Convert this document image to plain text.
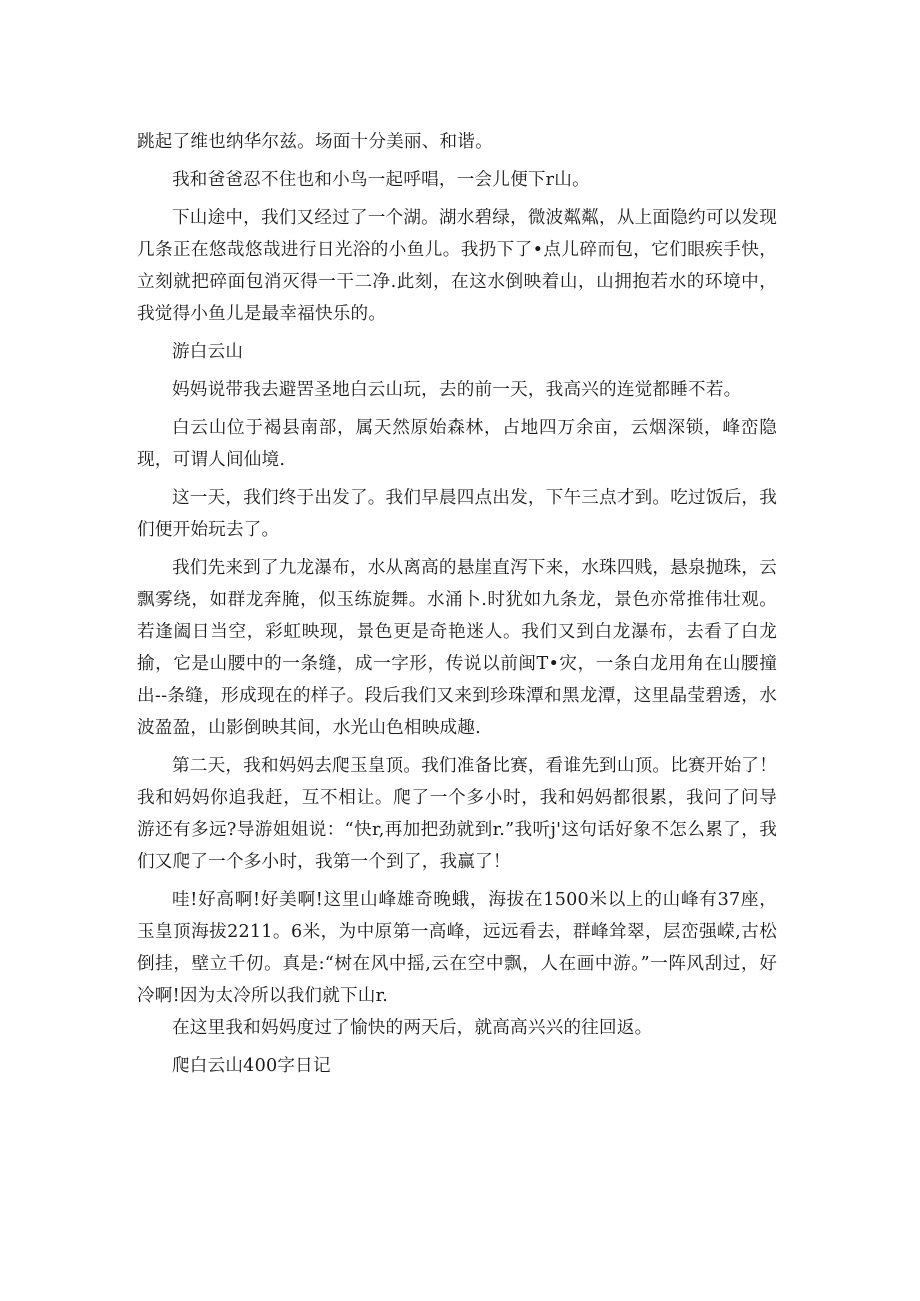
跳起了维也纳华尔兹。场面十分美丽、和谐。

我和爸爸忍不住也和小鸟一起呼唱，一会儿便下r山。

下山途中，我们又经过了一个湖。湖水碧绿，微波粼粼，从上面隐约可以发现几条正在悠哉悠哉进行日光浴的小鱼儿。我扔下了•点儿碎而包，它们眼疾手快，立刻就把碎面包消灭得一干二净.此刻，在这水倒映着山，山拥抱若水的环境中，我觉得小鱼儿是最幸福快乐的。

游白云山

妈妈说带我去避罟圣地白云山玩，去的前一天，我高兴的连觉都睡不若。

白云山位于褐县南部，属天然原始森林，占地四万余亩，云烟深锁，峰峦隐现，可谓人间仙境.

这一天，我们终于出发了。我们早晨四点出发，下午三点才到。吃过饭后，我们便开始玩去了。

我们先来到了九龙瀑布，水从离高的悬崖直泻下来，水珠四贱，悬泉抛珠，云飘雾绕，如群龙奔腌，似玉练旋舞。水涌卜.时犹如九条龙，景色亦常推伟壮观。若逢阖日当空，彩虹映现，景色更是奇艳迷人。我们又到白龙瀑布，去看了白龙揄，它是山腰中的一条缝，成一字形，传说以前闽T•灾，一条白龙用角在山腰撞出--条缝，形成现在的样子。段后我们又来到珍珠潭和黑龙潭，这里晶莹碧透，水波盈盈，山影倒映其间，水光山色相映成趣.

第二天，我和妈妈去爬玉皇顶。我们准备比赛，看谁先到山顶。比赛开始了！我和妈妈你追我赶，互不相让。爬了一个多小时，我和妈妈都很累，我问了问导游还有多远?导游姐姐说：“快r,再加把劲就到r.”我听j'这句话好象不怎么累了，我们又爬了一个多小时，我第一个到了，我赢了！

哇!好高啊!好美啊!这里山峰雄奇晚蛾，海拔在1500米以上的山峰有37座，玉皇顶海拔2211。6米，为中原第一高峰，远远看去，群峰耸翠，层峦强嵘,古松倒挂，壁立千仞。真是:“树在风中摇,云在空中飘，人在画中游。”一阵风刮过，好冷啊!因为太冷所以我们就下山r.

在这里我和妈妈度过了愉快的两天后，就高高兴兴的往回返。

爬白云山400字日记
